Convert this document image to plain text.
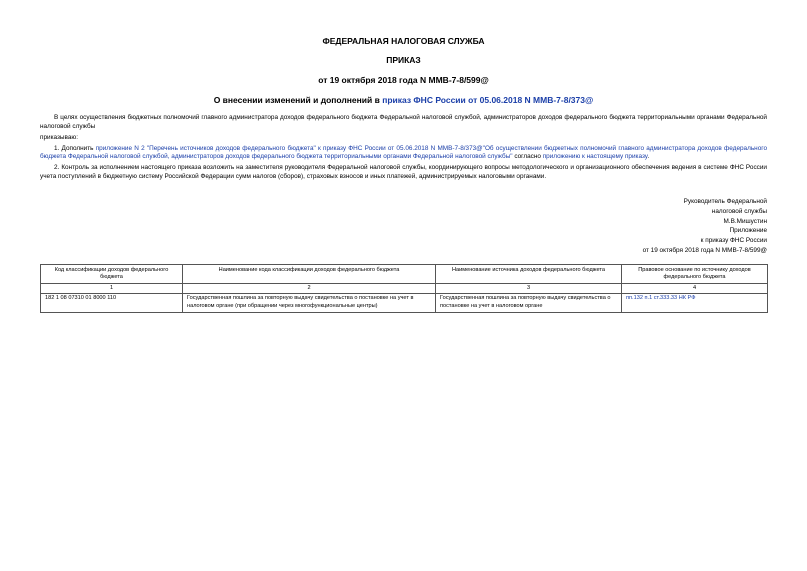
ФЕДЕРАЛЬНАЯ НАЛОГОВАЯ СЛУЖБА
ПРИКАЗ
от 19 октября 2018 года N ММВ-7-8/599@
О внесении изменений и дополнений в приказ ФНС России от 05.06.2018 N ММВ-7-8/373@

В целях осуществления бюджетных полномочий главного администратора доходов федерального бюджета Федеральной налоговой службой, администраторов доходов федерального бюджета территориальными органами Федеральной налоговой службы

приказываю:

1. Дополнить приложение N 2 "Перечень источников доходов федерального бюджета" к приказу ФНС России от 05.06.2018 N ММВ-7-8/373@"Об осуществлении бюджетных полномочий главного администратора доходов федерального бюджета Федеральной налоговой службой, администраторов доходов федерального бюджета территориальными органами Федеральной налоговой службы" согласно приложению к настоящему приказу.

2. Контроль за исполнением настоящего приказа возложить на заместителя руководителя Федеральной налоговой службы, координирующего вопросы методологического и организационного обеспечения ведения в системе ФНС России учета поступлений в бюджетную систему Российской Федерации сумм налогов (сборов), страховых взносов и иных платежей, администрируемых налоговыми органами.

Руководитель Федеральной
налоговой службы
М.В.Мишустин
Приложение
к приказу ФНС России
от 19 октября 2018 года N ММВ-7-8/599@
Код классификации доходов федерального бюджета	Наименование кода классификации доходов федерального бюджета	Наименование источника доходов федерального бюджета	Правовое основание по источнику доходов федерального бюджета
1	2	3	4
182 1 08 07310 01 8000 110	Государственная пошлина за повторную выдачу свидетельства о постановке на учет в налоговом органе (при обращении через многофункциональные центры)	Государственная пошлина за повторную выдачу свидетельства о постановке на учет в налоговом органе	пп.132 п.1 ст.333.33 НК РФ
